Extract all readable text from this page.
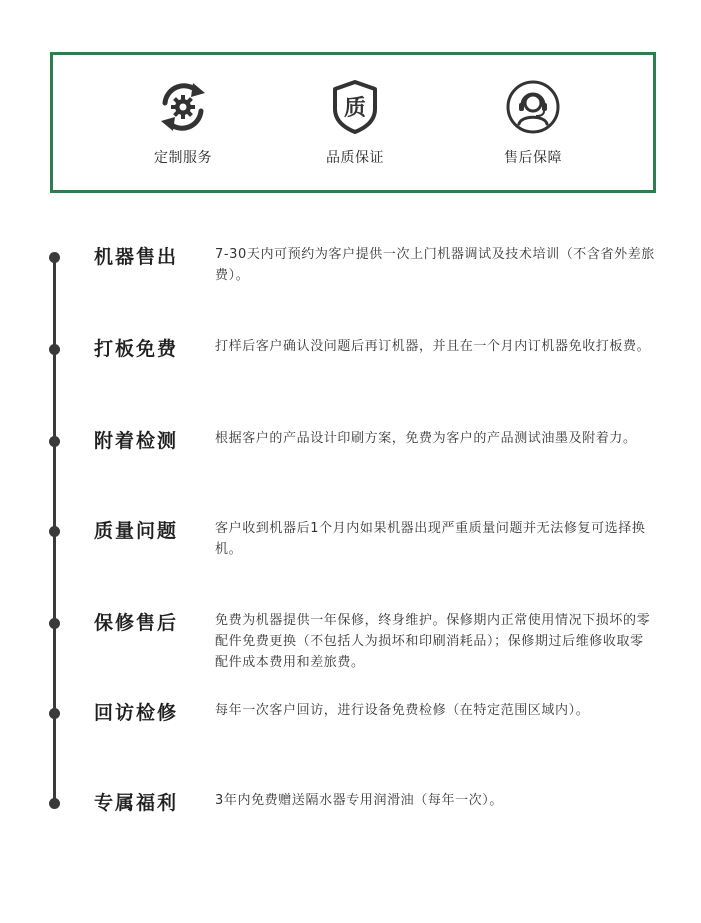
定制服务
质
品质保证	售后保障
机器售出	7-30天内可预约为客户提供一次上门机器调试及技术培训（不含省外差旅费）。
打板免费	打样后客户确认没问题后再订机器，并且在一个月内订机器免收打板费。
附着检测	根据客户的产品设计印刷方案，免费为客户的产品测试油墨及附着力。
质量问题	客户收到机器后1个月内如果机器出现严重质量问题并无法修复可选择换机。
保修售后	免费为机器提供一年保修，终身维护。保修期内正常使用情况下损坏的零配件免费更换（不包括人为损坏和印刷消耗品）；保修期过后维修收取零配件成本费用和差旅费。
回访检修	每年一次客户回访，进行设备免费检修（在特定范围区域内）。
专属福利	3年内免费赠送隔水器专用润滑油（每年一次）。
